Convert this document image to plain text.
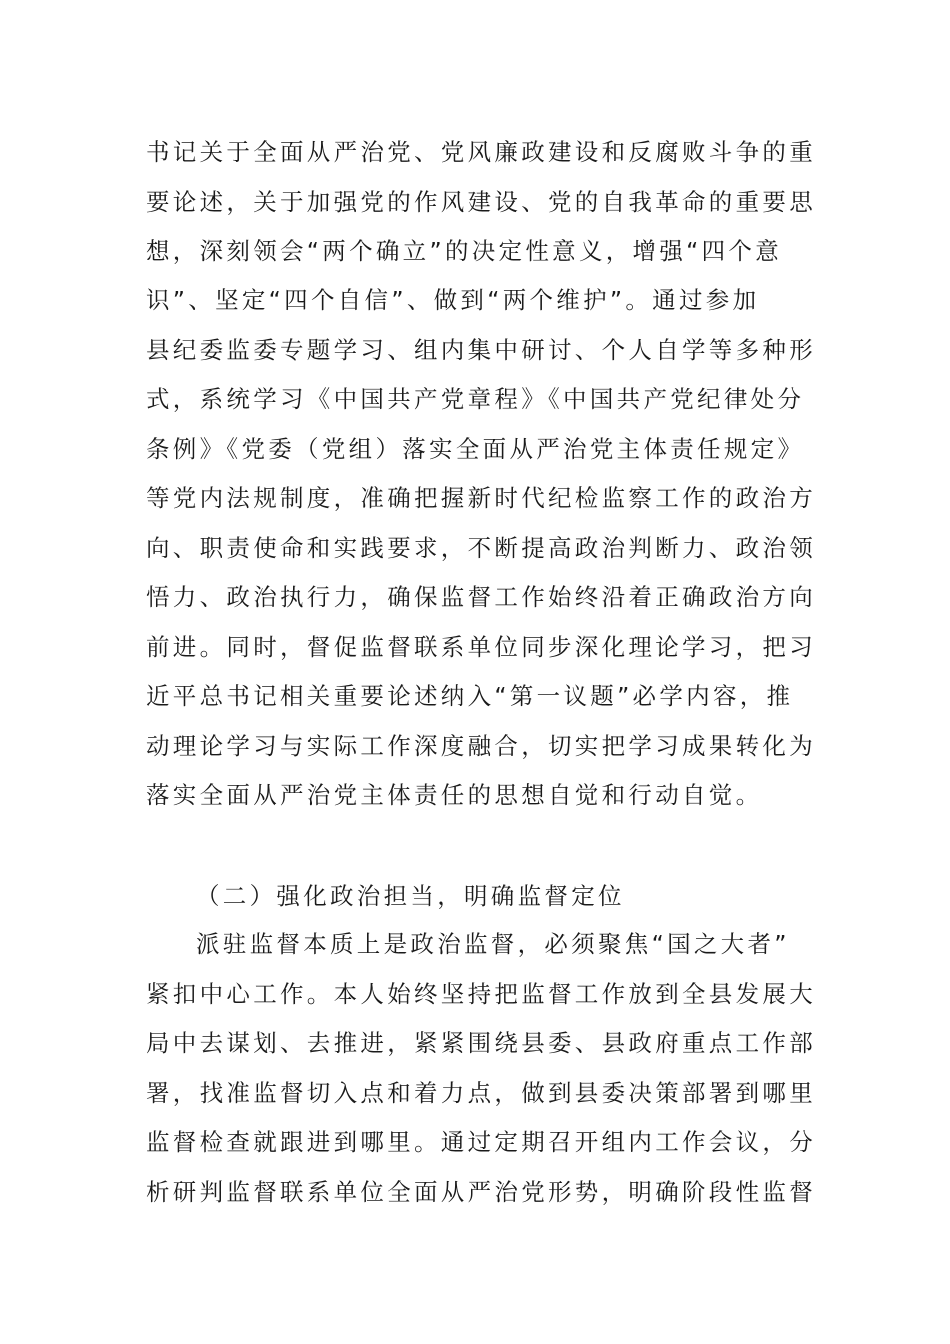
书记关于全面从严治党、党风廉政建设和反腐败斗争的重
要论述，关于加强党的作风建设、党的自我革命的重要思
想，深刻领会“两个确立”的决定性意义，增强“四个意
识”、坚定“四个自信”、做到“两个维护”。通过参加
县纪委监委专题学习、组内集中研讨、个人自学等多种形
式，系统学习《中国共产党章程》《中国共产党纪律处分
条例》《党委（党组）落实全面从严治党主体责任规定》
等党内法规制度，准确把握新时代纪检监察工作的政治方
向、职责使命和实践要求，不断提高政治判断力、政治领
悟力、政治执行力，确保监督工作始终沿着正确政治方向
前进。同时，督促监督联系单位同步深化理论学习，把习
近平总书记相关重要论述纳入“第一议题”必学内容，推
动理论学习与实际工作深度融合，切实把学习成果转化为
落实全面从严治党主体责任的思想自觉和行动自觉。
（二）强化政治担当，明确监督定位
派驻监督本质上是政治监督，必须聚焦“国之大者”
紧扣中心工作。本人始终坚持把监督工作放到全县发展大
局中去谋划、去推进，紧紧围绕县委、县政府重点工作部
署，找准监督切入点和着力点，做到县委决策部署到哪里
监督检查就跟进到哪里。通过定期召开组内工作会议，分
析研判监督联系单位全面从严治党形势，明确阶段性监督
